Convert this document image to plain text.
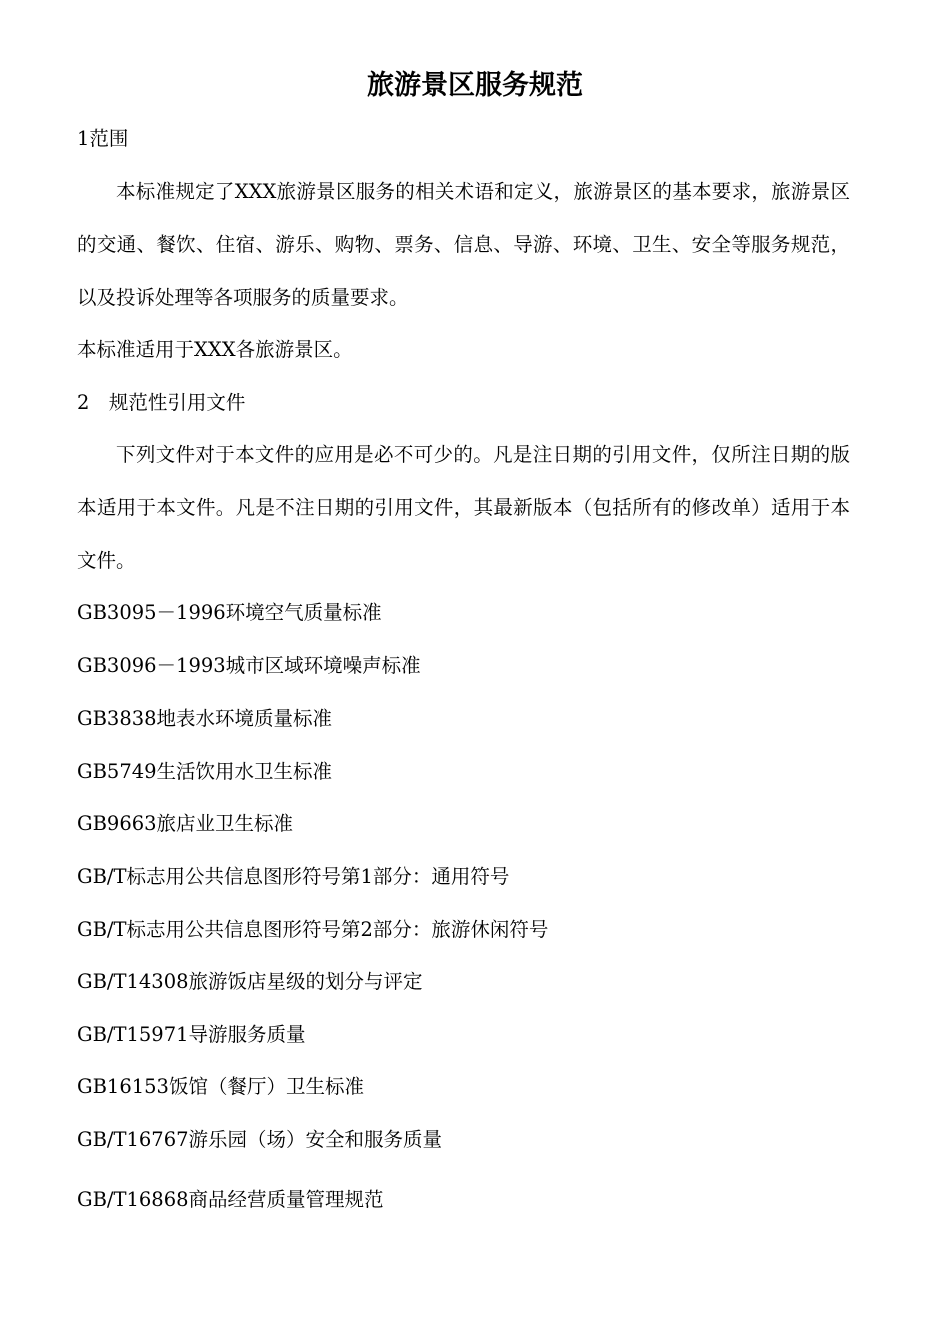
旅游景区服务规范

1范围

本标准规定了XXX旅游景区服务的相关术语和定义，旅游景区的基本要求，旅游景区的交通、餐饮、住宿、游乐、购物、票务、信息、导游、环境、卫生、安全等服务规范，以及投诉处理等各项服务的质量要求。

本标准适用于XXX各旅游景区。

2　规范性引用文件

下列文件对于本文件的应用是必不可少的。凡是注日期的引用文件，仅所注日期的版本适用于本文件。凡是不注日期的引用文件，其最新版本（包括所有的修改单）适用于本文件。

GB3095－1996环境空气质量标准

GB3096－1993城市区域环境噪声标准

GB3838地表水环境质量标准

GB5749生活饮用水卫生标准

GB9663旅店业卫生标准

GB/T标志用公共信息图形符号第1部分：通用符号

GB/T标志用公共信息图形符号第2部分：旅游休闲符号

GB/T14308旅游饭店星级的划分与评定

GB/T15971导游服务质量

GB16153饭馆（餐厅）卫生标准

GB/T16767游乐园（场）安全和服务质量

GB/T16868商品经营质量管理规范
